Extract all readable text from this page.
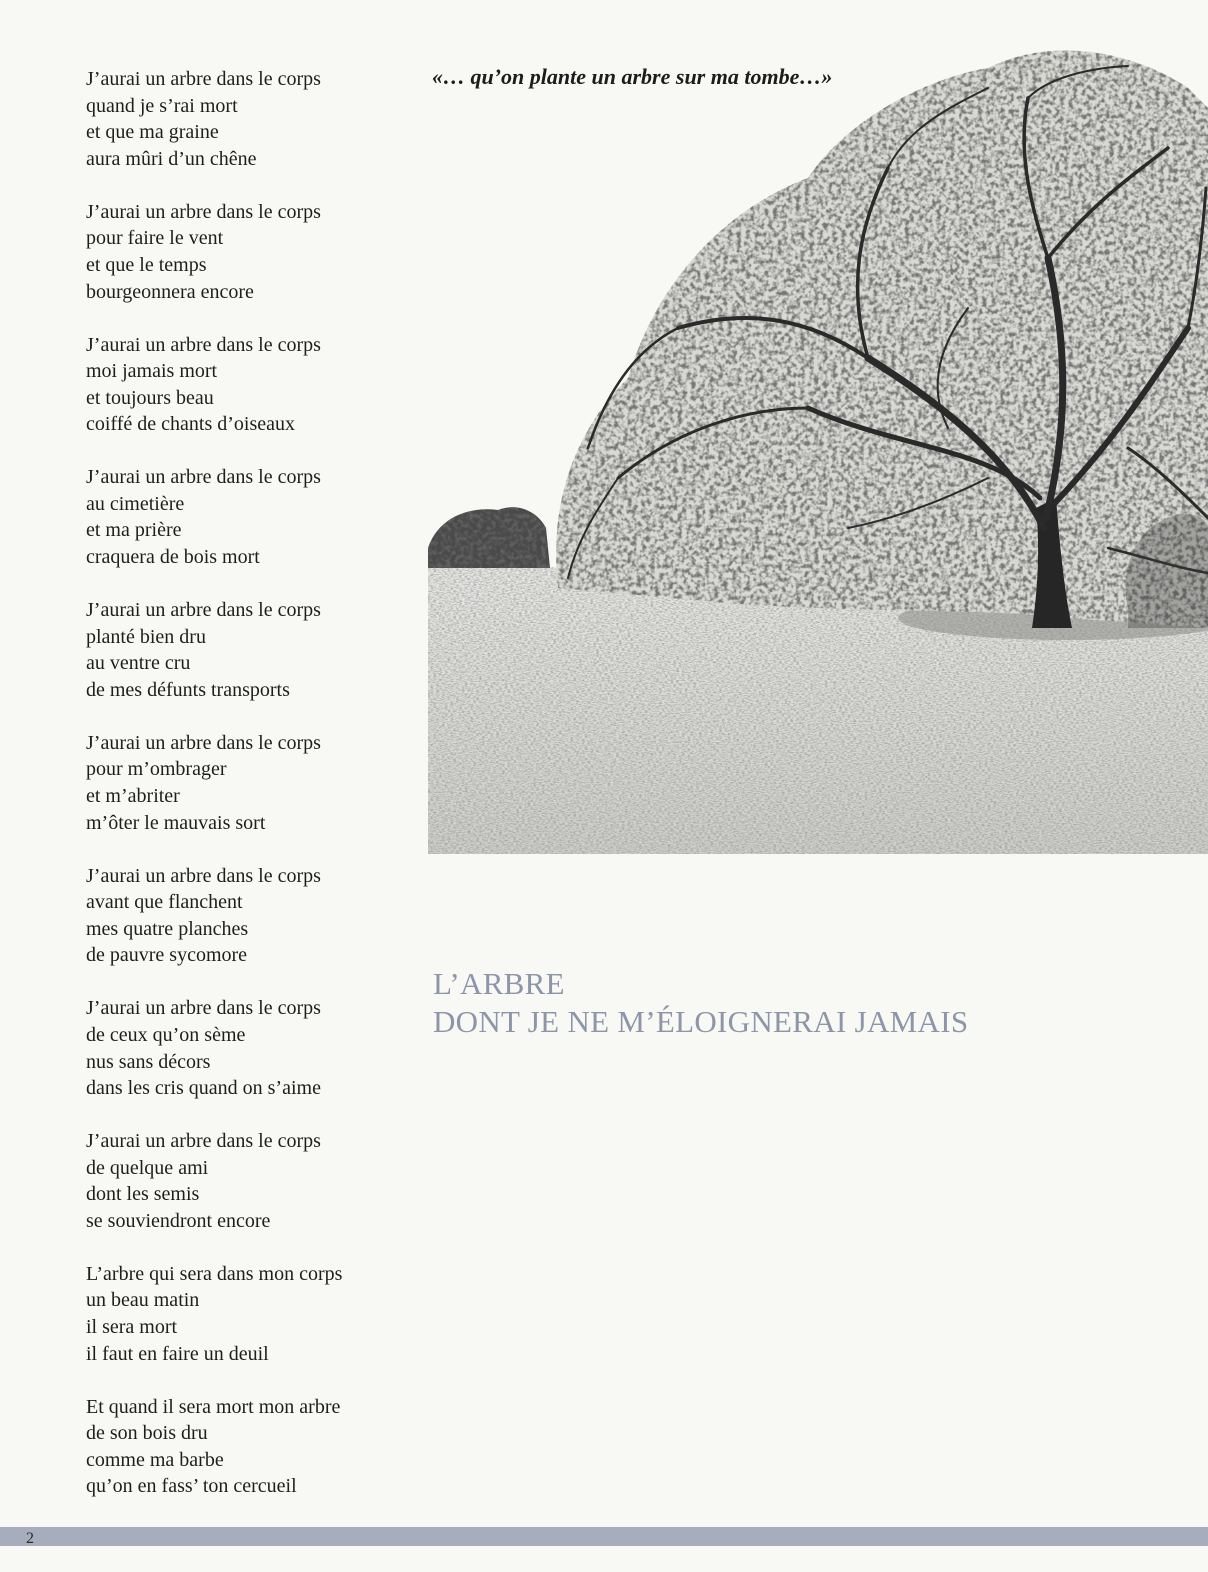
J’aurai un arbre dans le corps
quand je s’rai mort
et que ma graine
aura mûri d’un chêne
J’aurai un arbre dans le corps
pour faire le vent
et que le temps
bourgeonnera encore
J’aurai un arbre dans le corps
moi jamais mort
et toujours beau
coiffé de chants d’oiseaux
J’aurai un arbre dans le corps
au cimetière
et ma prière
craquera de bois mort
J’aurai un arbre dans le corps
planté bien dru
au ventre cru
de mes défunts transports
J’aurai un arbre dans le corps
pour m’ombrager
et m’abriter
m’ôter le mauvais sort
J’aurai un arbre dans le corps
avant que flanchent
mes quatre planches
de pauvre sycomore
J’aurai un arbre dans le corps
de ceux qu’on sème
nus sans décors
dans les cris quand on s’aime
J’aurai un arbre dans le corps
de quelque ami
dont les semis
se souviendront encore
L’arbre qui sera dans mon corps
un beau matin
il sera mort
il faut en faire un deuil
Et quand il sera mort mon arbre
de son bois dru
comme ma barbe
qu’on en fass’ ton cercueil
«… qu’on plante un arbre sur ma tombe…»
L’ARBRE
DONT JE NE M’ÉLOIGNERAI JAMAIS
2
